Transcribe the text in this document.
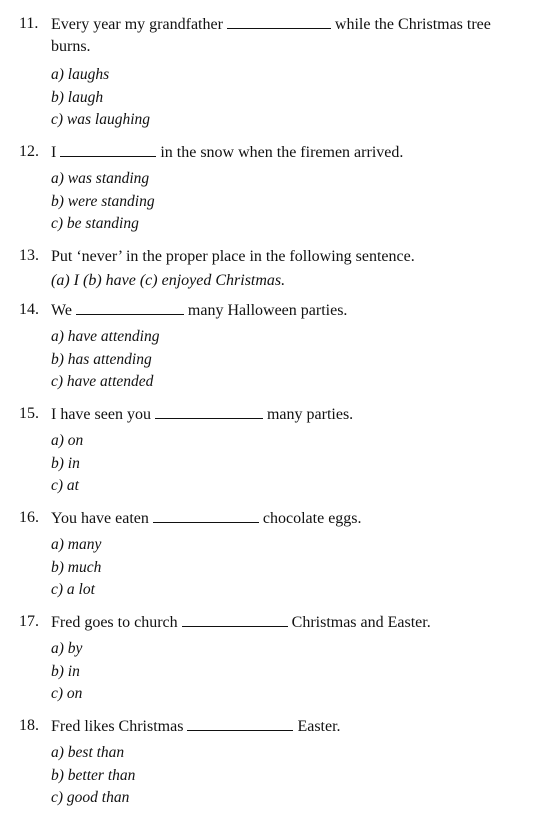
11. Every year my grandfather	while the Christmas tree burns.
a) laughs
b) laugh
c) was laughing
12. I	in the snow when the firemen arrived.
a) was standing
b) were standing
c) be standing
13. Put ‘never’ in the proper place in the following sentence.
(a) I (b) have (c) enjoyed Christmas.
14. We	many Halloween parties.
a) have attending
b) has attending
c) have attended
15. I have seen you	many parties.
a) on
b) in
c) at
16. You have eaten	chocolate eggs.
a) many
b) much
c) a lot
17. Fred goes to church	Christmas and Easter.
a) by
b) in
c) on
18. Fred likes Christmas	Easter.
a) best than
b) better than
c) good than
